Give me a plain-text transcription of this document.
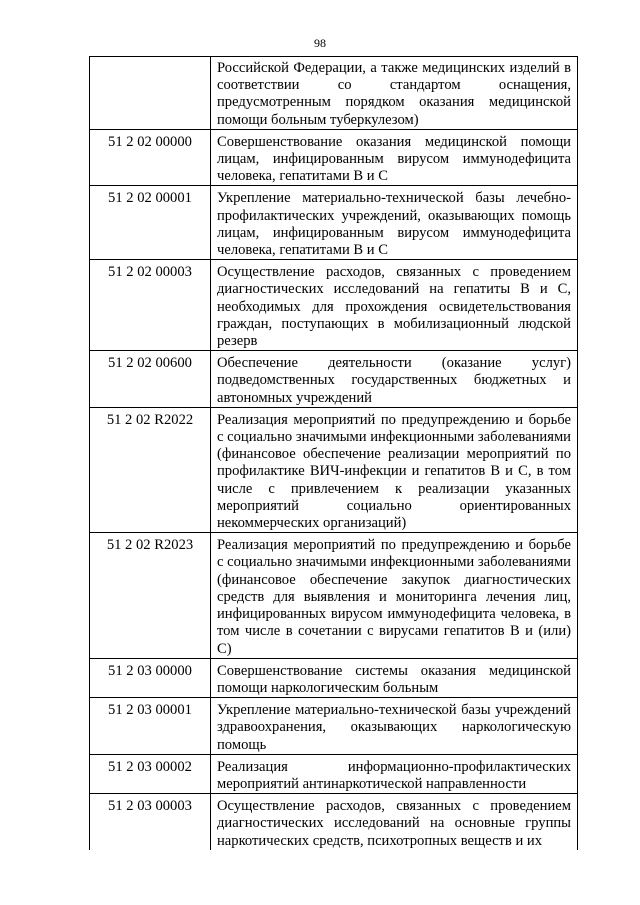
98
	Российской Федерации, а также медицинских изделий в соответствии со стандартом оснащения, предусмотренным порядком оказания медицинской помощи больным туберкулезом)
51 2 02 00000	Совершенствование оказания медицинской помощи лицам, инфицированным вирусом иммунодефицита человека, гепатитами B и C
51 2 02 00001	Укрепление материально-технической базы лечебно-профилактических учреждений, оказывающих помощь лицам, инфицированным вирусом иммунодефицита человека, гепатитами B и C
51 2 02 00003	Осуществление расходов, связанных с проведением диагностических исследований на гепатиты B и C, необходимых для прохождения освидетельствования граждан, поступающих в мобилизационный людской резерв
51 2 02 00600	Обеспечение деятельности (оказание услуг) подведомственных государственных бюджетных и автономных учреждений
51 2 02 R2022	Реализация мероприятий по предупреждению и борьбе с социально значимыми инфекционными заболеваниями (финансовое обеспечение реализации мероприятий по профилактике ВИЧ-инфекции и гепатитов B и C, в том числе с привлечением к реализации указанных мероприятий социально ориентированных некоммерческих организаций)
51 2 02 R2023	Реализация мероприятий по предупреждению и борьбе с социально значимыми инфекционными заболеваниями (финансовое обеспечение закупок диагностических средств для выявления и мониторинга лечения лиц, инфицированных вирусом иммунодефицита человека, в том числе в сочетании с вирусами гепатитов B и (или) C)
51 2 03 00000	Совершенствование системы оказания медицинской помощи наркологическим больным
51 2 03 00001	Укрепление материально-технической базы учреждений здравоохранения, оказывающих наркологическую помощь
51 2 03 00002	Реализация информационно-профилактических мероприятий антинаркотической направленности
51 2 03 00003	Осуществление расходов, связанных с проведением диагностических исследований на основные группы наркотических средств, психотропных веществ и их
